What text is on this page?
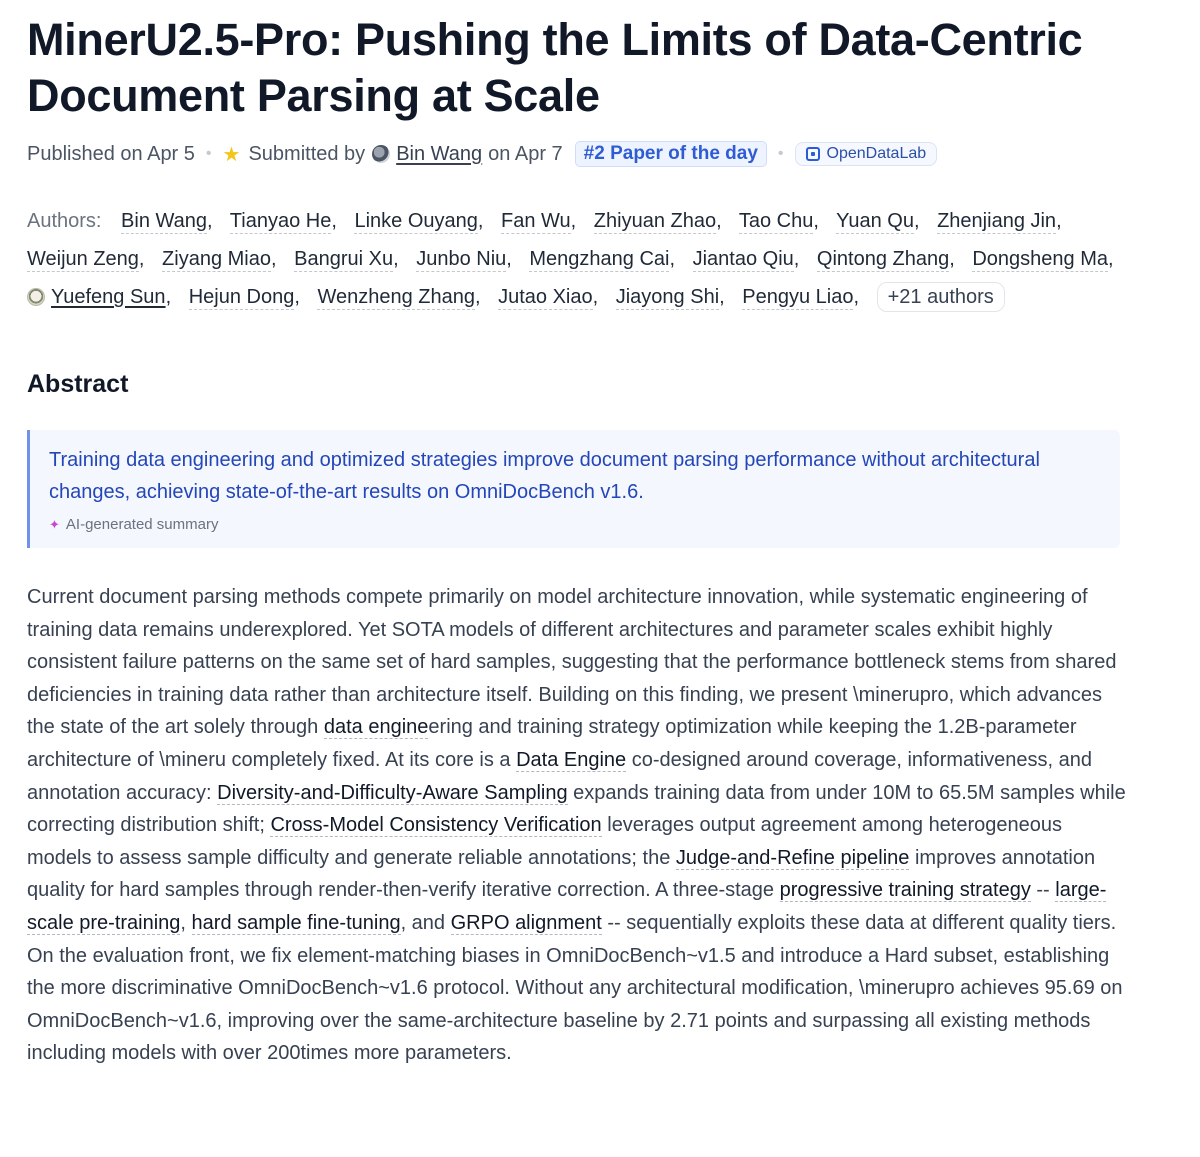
MinerU2.5-Pro: Pushing the Limits of Data-Centric Document Parsing at Scale
Published on Apr 5 • ★ Submitted by Bin Wang on Apr 7	#2 Paper of the day	•	OpenDataLab
Authors: Bin Wang, Tianyao He, Linke Ouyang, Fan Wu, Zhiyuan Zhao, Tao Chu, Yuan Qu, Zhenjiang Jin, Weijun Zeng, Ziyang Miao, Bangrui Xu, Junbo Niu, Mengzhang Cai, Jiantao Qiu, Qintong Zhang, Dongsheng Ma, Yuefeng Sun, Hejun Dong, Wenzheng Zhang, Jutao Xiao, Jiayong Shi, Pengyu Liao, +21 authors
Abstract
Training data engineering and optimized strategies improve document parsing performance without architectural changes, achieving state-of-the-art results on OmniDocBench v1.6.
✦ AI-generated summary
Current document parsing methods compete primarily on model architecture innovation, while systematic engineering of training data remains underexplored. Yet SOTA models of different architectures and parameter scales exhibit highly consistent failure patterns on the same set of hard samples, suggesting that the performance bottleneck stems from shared deficiencies in training data rather than architecture itself. Building on this finding, we present \minerupro, which advances the state of the art solely through data engineering and training strategy optimization while keeping the 1.2B-parameter architecture of \mineru completely fixed. At its core is a Data Engine co-designed around coverage, informativeness, and annotation accuracy: Diversity-and-Difficulty-Aware Sampling expands training data from under 10M to 65.5M samples while correcting distribution shift; Cross-Model Consistency Verification leverages output agreement among heterogeneous models to assess sample difficulty and generate reliable annotations; the Judge-and-Refine pipeline improves annotation quality for hard samples through render-then-verify iterative correction. A three-stage progressive training strategy -- large-scale pre-training, hard sample fine-tuning, and GRPO alignment -- sequentially exploits these data at different quality tiers. On the evaluation front, we fix element-matching biases in OmniDocBench~v1.5 and introduce a Hard subset, establishing the more discriminative OmniDocBench~v1.6 protocol. Without any architectural modification, \minerupro achieves 95.69 on OmniDocBench~v1.6, improving over the same-architecture baseline by 2.71 points and surpassing all existing methods including models with over 200times more parameters.
